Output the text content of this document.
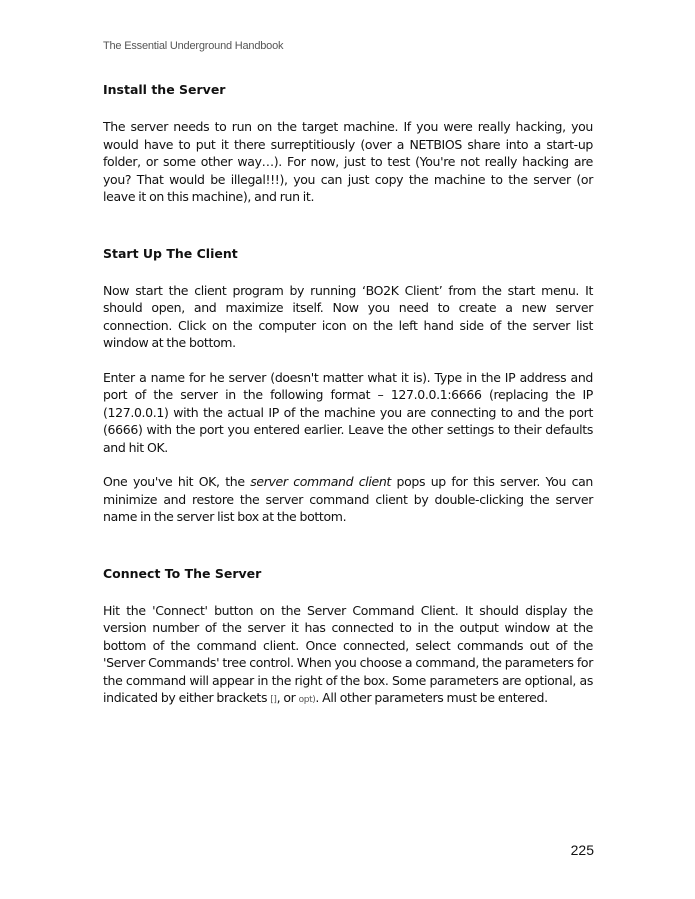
The Essential Underground Handbook

Install the Server

The server needs to run on the target machine. If you were really hacking, you would have to put it there surreptitiously (over a NETBIOS share into a start-up folder, or some other way…). For now, just to test (You're not really hacking are you? That would be illegal!!!), you can just copy the machine to the server (or leave it on this machine), and run it.

Start Up The Client

Now start the client program by running ‘BO2K Client’ from the start menu. It should open, and maximize itself. Now you need to create a new server connection. Click on the computer icon on the left hand side of the server list window at the bottom.

Enter a name for he server (doesn't matter what it is). Type in the IP address and port of the server in the following format – 127.0.0.1:6666 (replacing the IP (127.0.0.1) with the actual IP of the machine you are connecting to and the port (6666) with the port you entered earlier. Leave the other settings to their defaults and hit OK.

One you've hit OK, the server command client pops up for this server. You can minimize and restore the server command client by double-clicking the server name in the server list box at the bottom.

Connect To The Server

Hit the 'Connect' button on the Server Command Client. It should display the version number of the server it has connected to in the output window at the bottom of the command client. Once connected, select commands out of the 'Server Commands' tree control. When you choose a command, the parameters for the command will appear in the right of the box. Some parameters are optional, as indicated by either brackets [], or opt). All other parameters must be entered.

225
